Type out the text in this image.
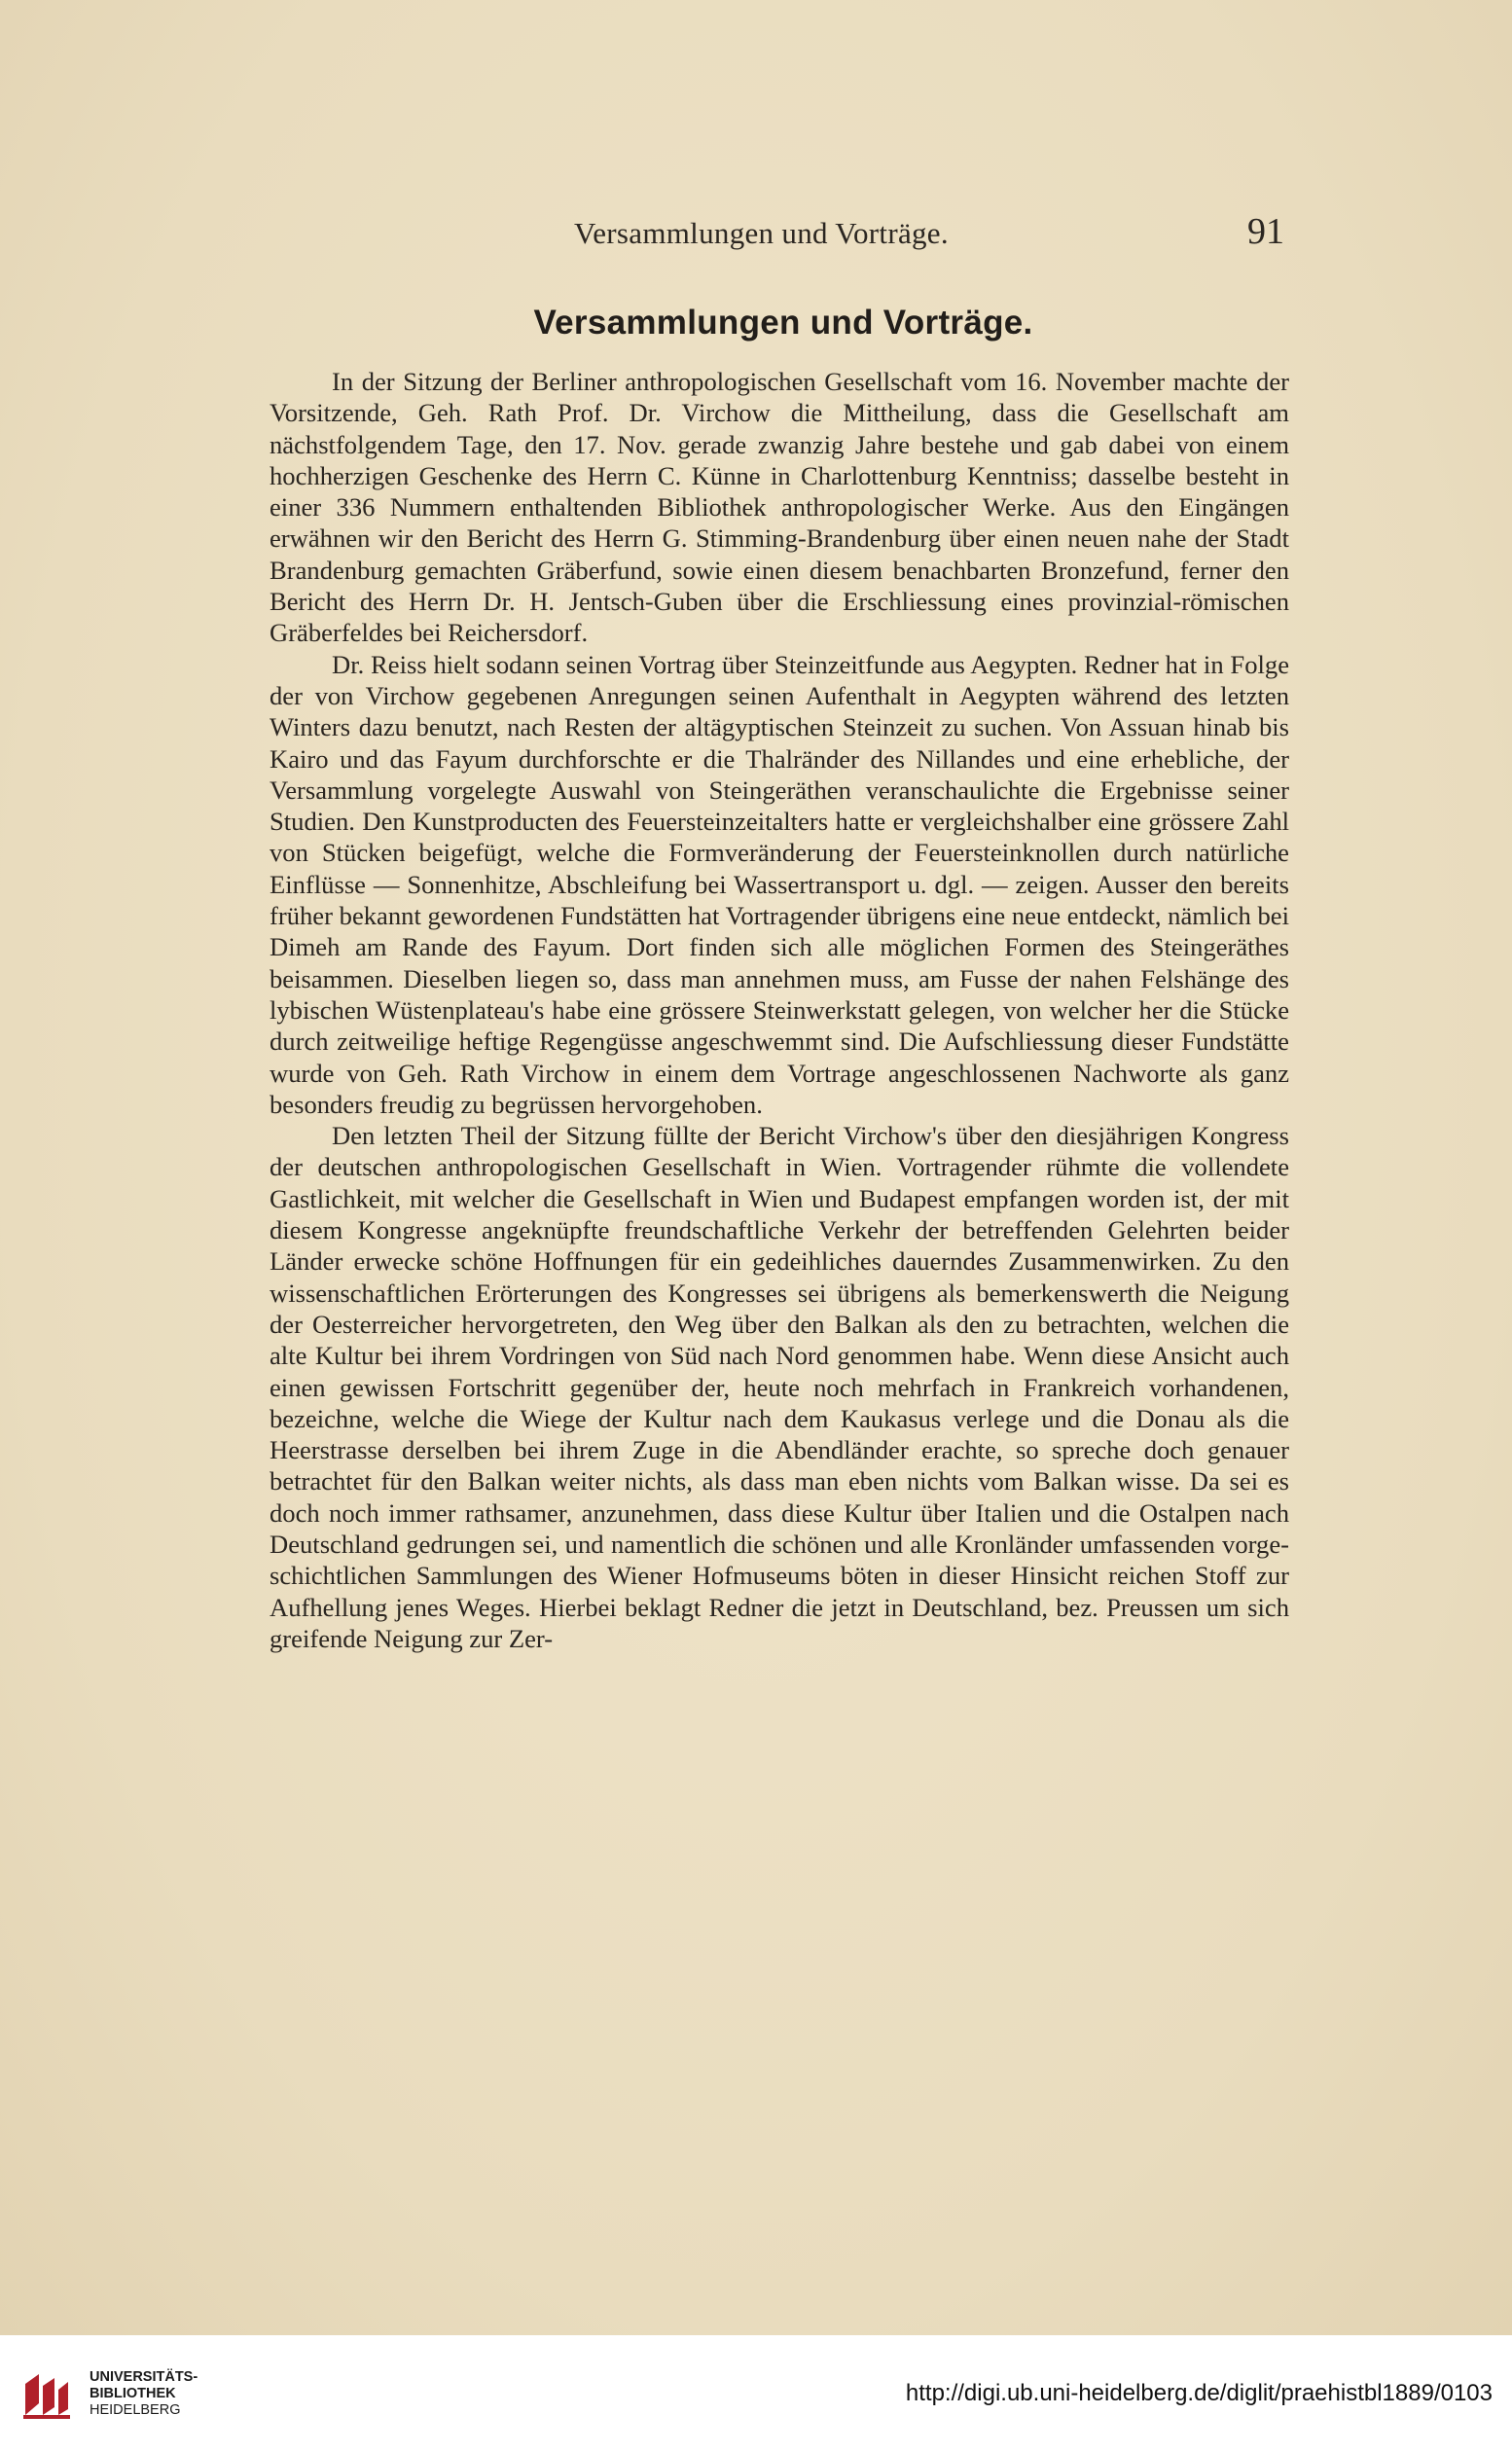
Versammlungen und Vorträge.	91
Versammlungen und Vorträge.

In der Sitzung der Berliner anthropologischen Gesellschaft vom 16. November machte der Vorsitzende, Geh. Rath Prof. Dr. Virchow die Mittheilung, dass die Gesellschaft am nächstfolgendem Tage, den 17. Nov. gerade zwanzig Jahre bestehe und gab dabei von einem hochherzigen Geschenke des Herrn C. Künne in Charlottenburg Kenntniss; dasselbe besteht in einer 336 Nummern enthaltenden Bibliothek anthropologischer Werke. Aus den Eingängen erwähnen wir den Bericht des Herrn G. Stimming-Brandenburg über einen neuen nahe der Stadt Brandenburg gemachten Gräberfund, sowie einen diesem benachbarten Bronzefund, ferner den Bericht des Herrn Dr. H. Jentsch-Guben über die Erschliessung eines provinzial-römischen Gräberfeldes bei Reichersdorf.

Dr. Reiss hielt sodann seinen Vortrag über Steinzeitfunde aus Aegypten. Redner hat in Folge der von Virchow gegebenen Anregungen seinen Aufenthalt in Aegypten während des letzten Winters dazu benutzt, nach Resten der altägyptischen Steinzeit zu suchen. Von Assuan hinab bis Kairo und das Fayum durchforschte er die Thalränder des Nillandes und eine erhebliche, der Versammlung vorgelegte Auswahl von Steingeräthen veranschaulichte die Ergebnisse seiner Studien. Den Kunstproducten des Feuersteinzeitalters hatte er vergleichshalber eine grössere Zahl von Stücken beigefügt, welche die Formveränderung der Feuersteinknollen durch natürliche Einflüsse — Sonnenhitze, Abschleifung bei Wassertransport u. dgl. — zeigen. Ausser den bereits früher bekannt gewordenen Fundstätten hat Vortragender übrigens eine neue entdeckt, nämlich bei Dimeh am Rande des Fayum. Dort finden sich alle möglichen Formen des Steingeräthes beisammen. Dieselben liegen so, dass man annehmen muss, am Fusse der nahen Felshänge des lybischen Wüstenplateau's habe eine grössere Steinwerkstatt gelegen, von welcher her die Stücke durch zeitweilige heftige Regengüsse angeschwemmt sind. Die Aufschliessung dieser Fundstätte wurde von Geh. Rath Virchow in einem dem Vortrage angeschlossenen Nachworte als ganz besonders freudig zu begrüssen hervorgehoben.

Den letzten Theil der Sitzung füllte der Bericht Virchow's über den diesjährigen Kongress der deutschen anthropologischen Gesellschaft in Wien. Vortragender rühmte die vollendete Gastlichkeit, mit welcher die Gesellschaft in Wien und Budapest empfangen worden ist, der mit diesem Kongresse angeknüpfte freundschaftliche Verkehr der betreffenden Gelehrten beider Länder erwecke schöne Hoffnungen für ein gedeihliches dauerndes Zusammenwirken. Zu den wissenschaftlichen Erörterungen des Kongresses sei übrigens als bemerkenswerth die Neigung der Oesterreicher hervorgetreten, den Weg über den Balkan als den zu betrachten, welchen die alte Kultur bei ihrem Vordringen von Süd nach Nord genommen habe. Wenn diese Ansicht auch einen gewissen Fortschritt gegenüber der, heute noch mehrfach in Frankreich vorhandenen, bezeichne, welche die Wiege der Kultur nach dem Kaukasus verlege und die Donau als die Heerstrasse derselben bei ihrem Zuge in die Abendländer erachte, so spreche doch genauer betrachtet für den Balkan weiter nichts, als dass man eben nichts vom Balkan wisse. Da sei es doch noch immer rathsamer, anzunehmen, dass diese Kultur über Italien und die Ostalpen nach Deutschland gedrungen sei, und namentlich die schönen und alle Kronländer umfassenden vorgeschichtlichen Sammlungen des Wiener Hofmuseums böten in dieser Hinsicht reichen Stoff zur Aufhellung jenes Weges. Hierbei beklagt Redner die jetzt in Deutschland, bez. Preussen um sich greifende Neigung zur Zer-

UNIVERSITÄTS-
BIBLIOTHEK
HEIDELBERG
http://digi.ub.uni-heidelberg.de/diglit/praehistbl1889/0103
